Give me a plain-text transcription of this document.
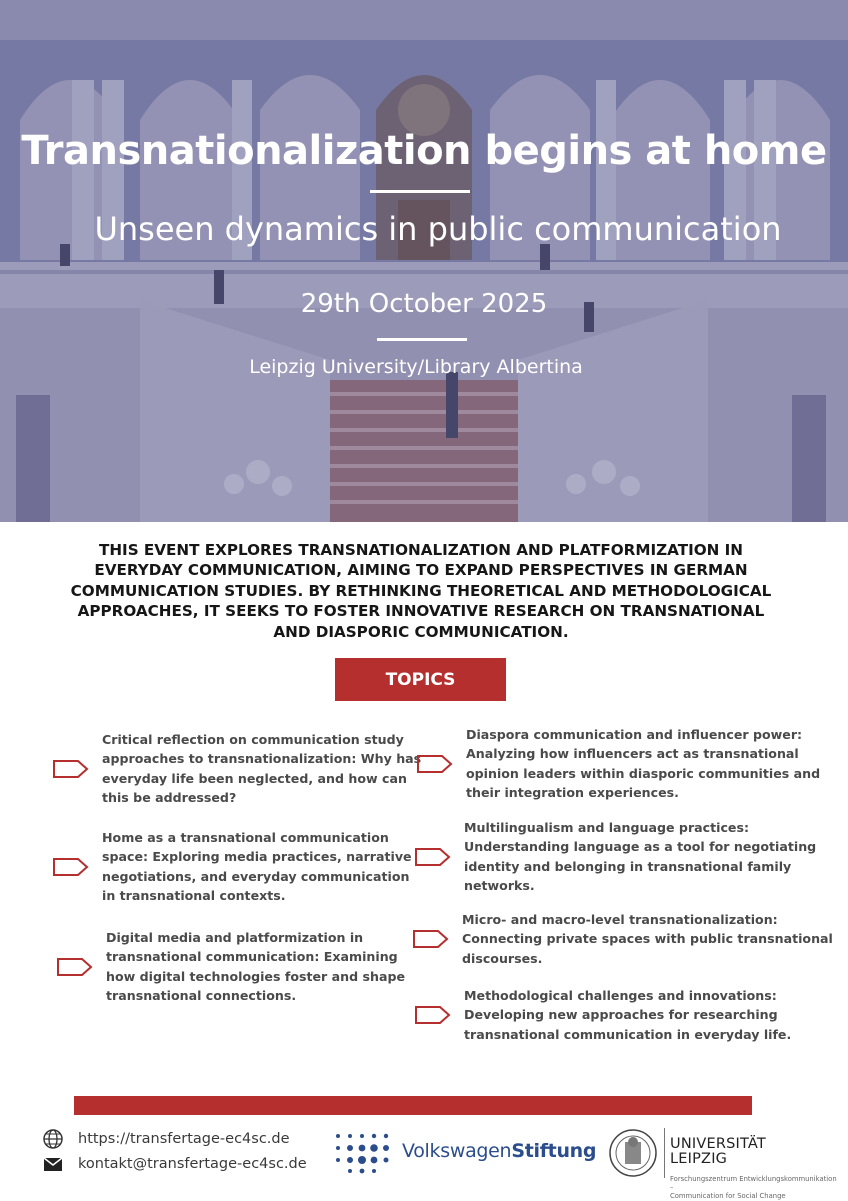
Transnationalization begins at home
Unseen dynamics in public communication
29th October 2025
Leipzig University/Library Albertina

THIS EVENT EXPLORES TRANSNATIONALIZATION AND PLATFORMIZATION IN EVERYDAY COMMUNICATION, AIMING TO EXPAND PERSPECTIVES IN GERMAN COMMUNICATION STUDIES. BY RETHINKING THEORETICAL AND METHODOLOGICAL APPROACHES, IT SEEKS TO FOSTER INNOVATIVE RESEARCH ON TRANSNATIONAL AND DIASPORIC COMMUNICATION.

TOPICS
Critical reflection on communication study
approaches to transnationalization: Why has
everyday life been neglected, and how can
this be addressed?
Home as a transnational communication
space: Exploring media practices, narrative
negotiations, and everyday communication
in transnational contexts.
Digital media and platformization in
transnational communication: Examining
how digital technologies foster and shape
transnational connections.
Diaspora communication and influencer power:
Analyzing how influencers act as transnational
opinion leaders within diasporic communities and
their integration experiences.
Multilingualism and language practices:
Understanding language as a tool for negotiating
identity and belonging in transnational family
networks.
Micro- and macro-level transnationalization:
Connecting private spaces with public transnational
discourses.
Methodological challenges and innovations:
Developing new approaches for researching
transnational communication in everyday life.
https://transfertage-ec4sc.de
kontakt@transfertage-ec4sc.de
VolkswagenStiftung	UNIVERSITÄT
LEIPZIG
Forschungszentrum Entwicklungskommunikation –
Communication for Social Change
